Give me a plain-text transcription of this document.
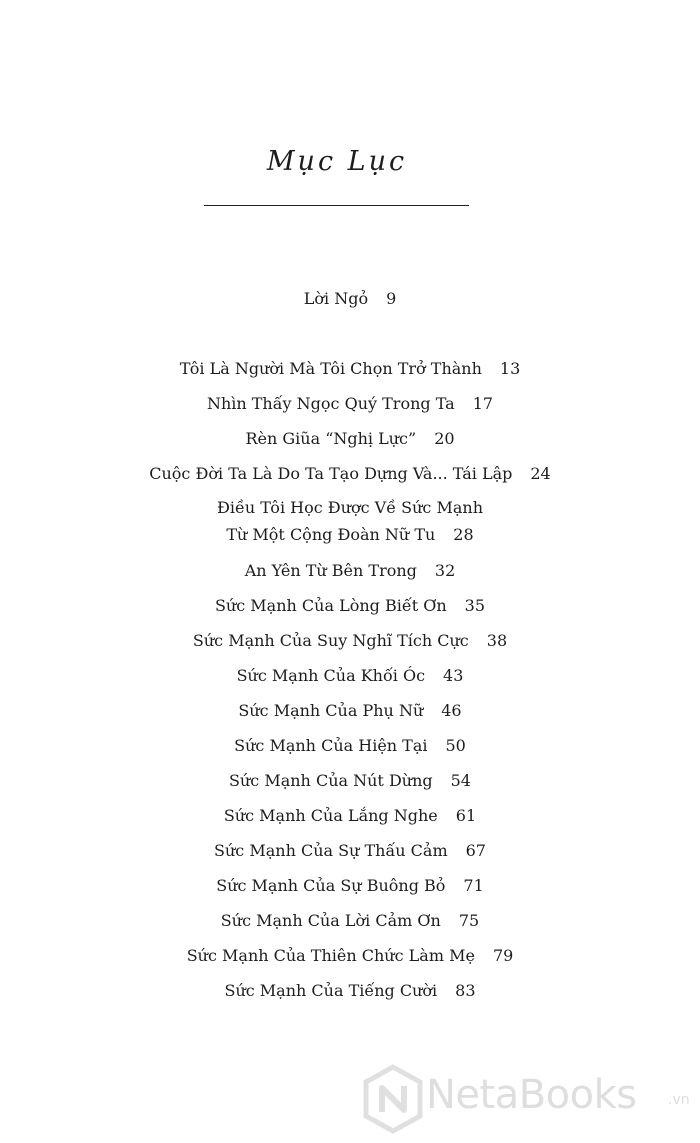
Mục Lục
Lời Ngỏ 9
Tôi Là Người Mà Tôi Chọn Trở Thành 13
Nhìn Thấy Ngọc Quý Trong Ta 17
Rèn Giũa “Nghị Lực” 20
Cuộc Đời Ta Là Do Ta Tạo Dựng Và... Tái Lập 24
Điều Tôi Học Được Về Sức Mạnh
Từ Một Cộng Đoàn Nữ Tu 28
An Yên Từ Bên Trong 32
Sức Mạnh Của Lòng Biết Ơn 35
Sức Mạnh Của Suy Nghĩ Tích Cực 38
Sức Mạnh Của Khối Óc 43
Sức Mạnh Của Phụ Nữ 46
Sức Mạnh Của Hiện Tại 50
Sức Mạnh Của Nút Dừng 54
Sức Mạnh Của Lắng Nghe 61
Sức Mạnh Của Sự Thấu Cảm 67
Sức Mạnh Của Sự Buông Bỏ 71
Sức Mạnh Của Lời Cảm Ơn 75
Sức Mạnh Của Thiên Chức Làm Mẹ 79
Sức Mạnh Của Tiếng Cười 83
NetaBooks .vn
